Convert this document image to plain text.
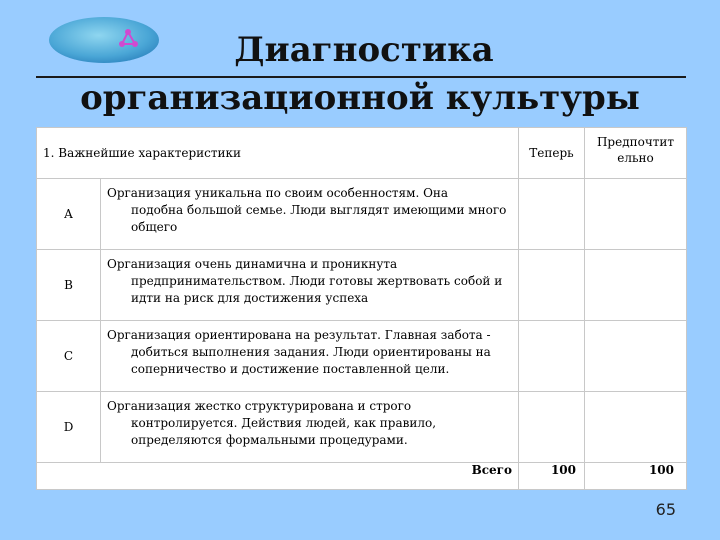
Диагностика
организационной культуры
1. Важнейшие характеристики		Теперь	Предпочтит
ельно
A	Организация уникальна по своим особенностям. Она
подобна большой семье. Люди выглядят имеющими много общего		

B	Организация очень динамична и проникнута
предпринимательством. Люди готовы жертвовать собой и идти на риск для достижения успеха		

C	Организация ориентирована на результат. Главная забота -
добиться выполнения задания. Люди ориентированы на соперничество и достижение поставленной цели.		

D	Организация жестко структурирована и строго
контролируется. Действия людей, как правило, определяются формальными процедурами.		

Всего		100	100
65
